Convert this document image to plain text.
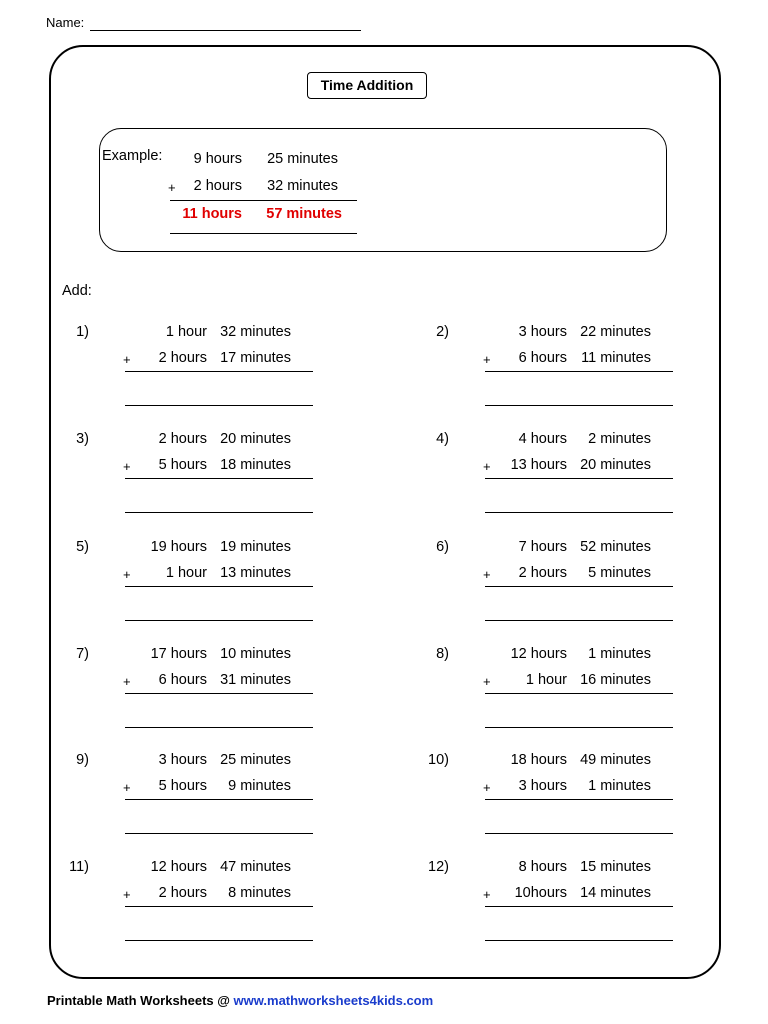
Name:
Time Addition
Example:	9 hours	25 minutes
+	2 hours	32 minutes
11 hours	57 minutes
Add:
1)	1 hour 32 minutes
2 hours 17 minutes
+
2)	3 hours 22 minutes
6 hours 11 minutes
+
3)	2 hours 20 minutes
5 hours 18 minutes
+
4)	4 hours	2 minutes
13 hours 20 minutes
+
5)	19 hours 19 minutes
1 hour 13 minutes
+
6)	7 hours 52 minutes
2 hours	5 minutes
+
7)	17 hours 10 minutes
6 hours 31 minutes
+
8)	12 hours	1 minutes
1 hour 16 minutes
+
9)	3 hours 25 minutes
5 hours	9 minutes
+
10)	18 hours 49 minutes
3 hours	1 minutes
+
11)	12 hours 47 minutes
2 hours	8 minutes
+
12)	8 hours 15 minutes
10hours 14 minutes
+
Printable Math Worksheets @ www.mathworksheets4kids.com
